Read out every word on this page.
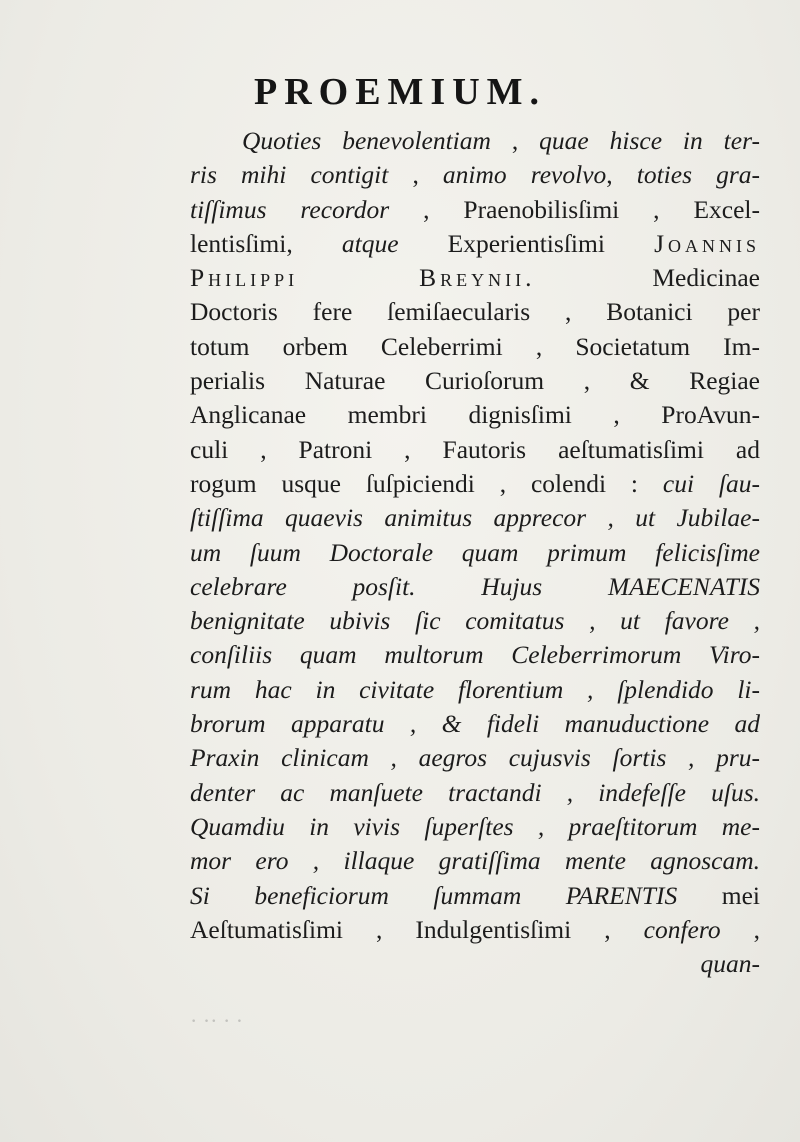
PROEMIUM.
Quoties benevolentiam , quae hisce in ter-
ris mihi contigit , animo revolvo, toties gra-
tiſſimus recordor , Praenobilisſimi , Excel-
lentisſimi, atque Experientisſimi Joannis
Philippi Breynii. Medicinae
Doctoris fere ſemiſaecularis , Botanici per
totum orbem Celeberrimi , Societatum Im-
perialis Naturae Curioſorum , & Regiae
Anglicanae membri dignisſimi , ProAvun-
culi , Patroni , Fautoris aeſtumatisſimi ad
rogum usque ſuſpiciendi , colendi : cui ſau-
ſtiſſima quaevis animitus apprecor , ut Jubilae-
um ſuum Doctorale quam primum felicisſime
celebrare posſit. Hujus MAECENATIS
benignitate ubivis ſic comitatus , ut favore ,
conſiliis quam multorum Celeberrimorum Viro-
rum hac in civitate florentium , ſplendido li-
brorum apparatu , & fideli manuductione ad
Praxin clinicam , aegros cujusvis ſortis , pru-
denter ac manſuete tractandi , indefeſſe uſus.
Quamdiu in vivis ſuperſtes , praeſtitorum me-
mor ero , illaque gratiſſima mente agnoscam.
Si beneficiorum ſummam PARENTIS mei
Aeſtumatisſimi , Indulgentisſimi , confero ,
quan-
· ·· · ·
